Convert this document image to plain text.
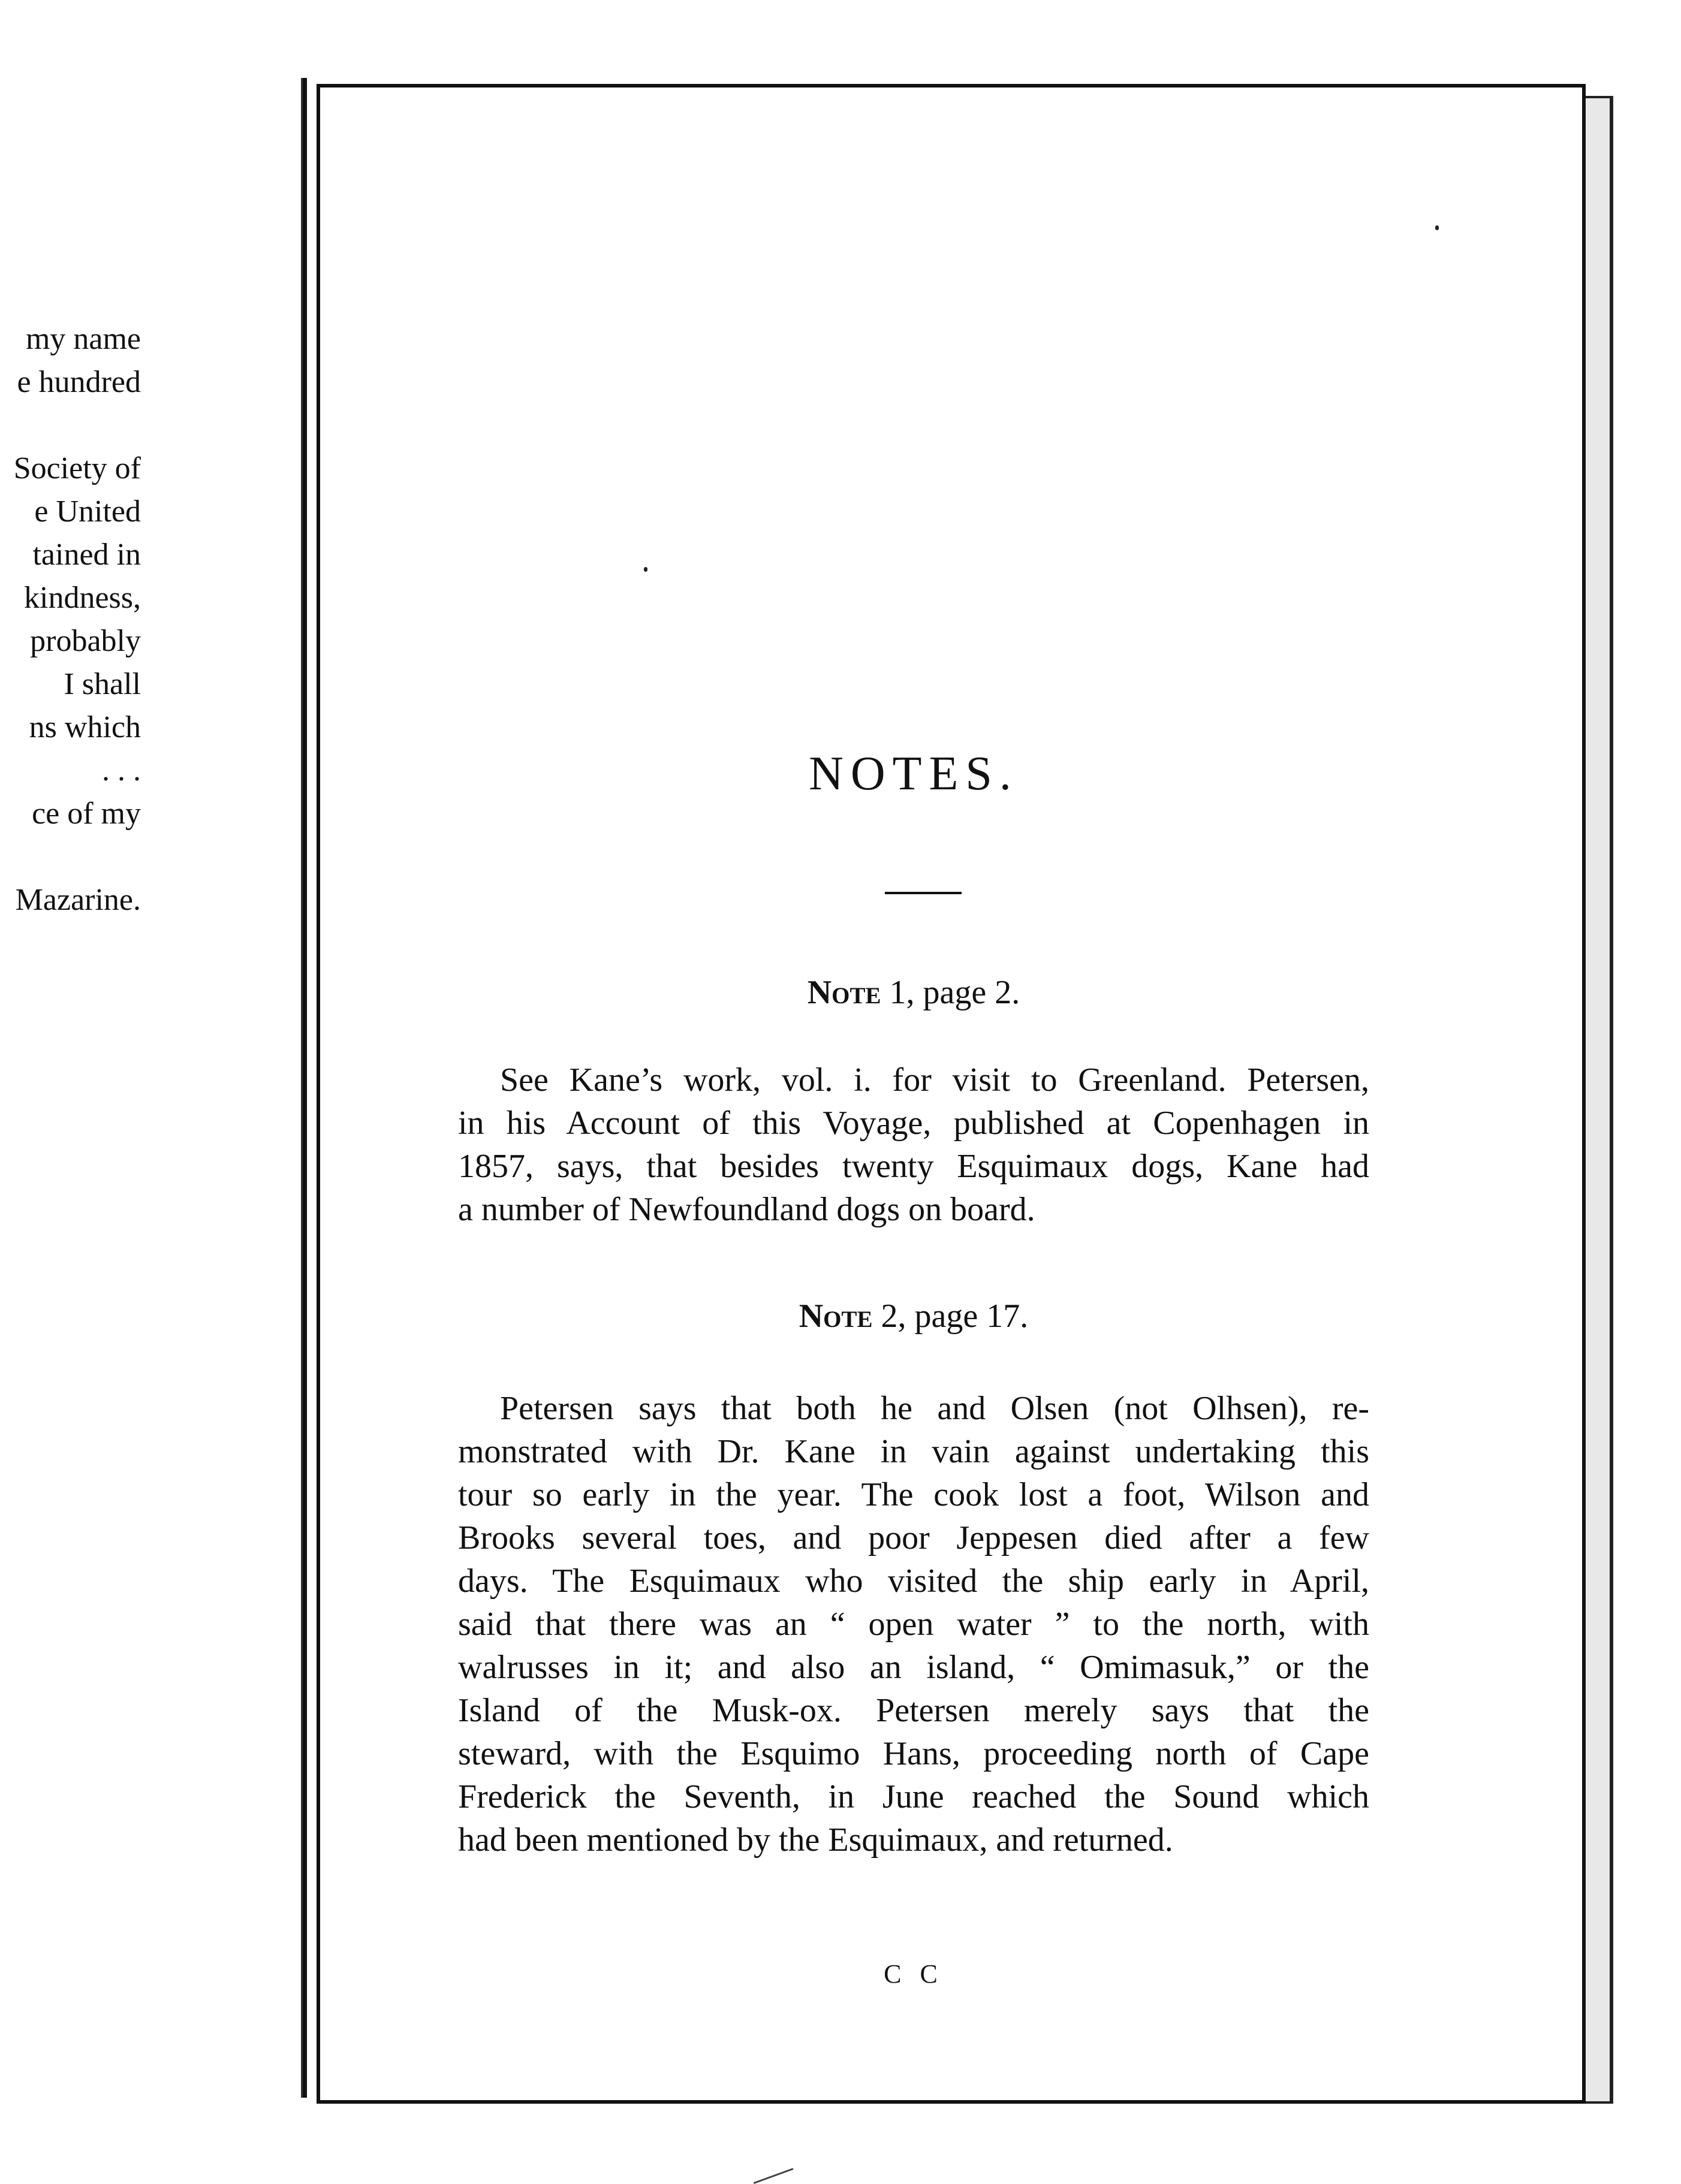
my name
e hundred
Society of
e United
tained in
kindness,
probably
I shall
ns which
. . .
ce of my
Mazarine.
NOTES.
Note 1, page 2.
See Kane’s work, vol. i. for visit to Greenland. Petersen,
in his Account of this Voyage, published at Copenhagen in
1857, says, that besides twenty Esquimaux dogs, Kane had
a number of Newfoundland dogs on board.
Note 2, page 17.
Petersen says that both he and Olsen (not Olhsen), re-
monstrated with Dr. Kane in vain against undertaking this
tour so early in the year. The cook lost a foot, Wilson and
Brooks several toes, and poor Jeppesen died after a few
days. The Esquimaux who visited the ship early in April,
said that there was an “ open water ” to the north, with
walrusses in it; and also an island, “ Omimasuk,” or the
Island of the Musk-ox. Petersen merely says that the
steward, with the Esquimo Hans, proceeding north of Cape
Frederick the Seventh, in June reached the Sound which
had been mentioned by the Esquimaux, and returned.
C C
